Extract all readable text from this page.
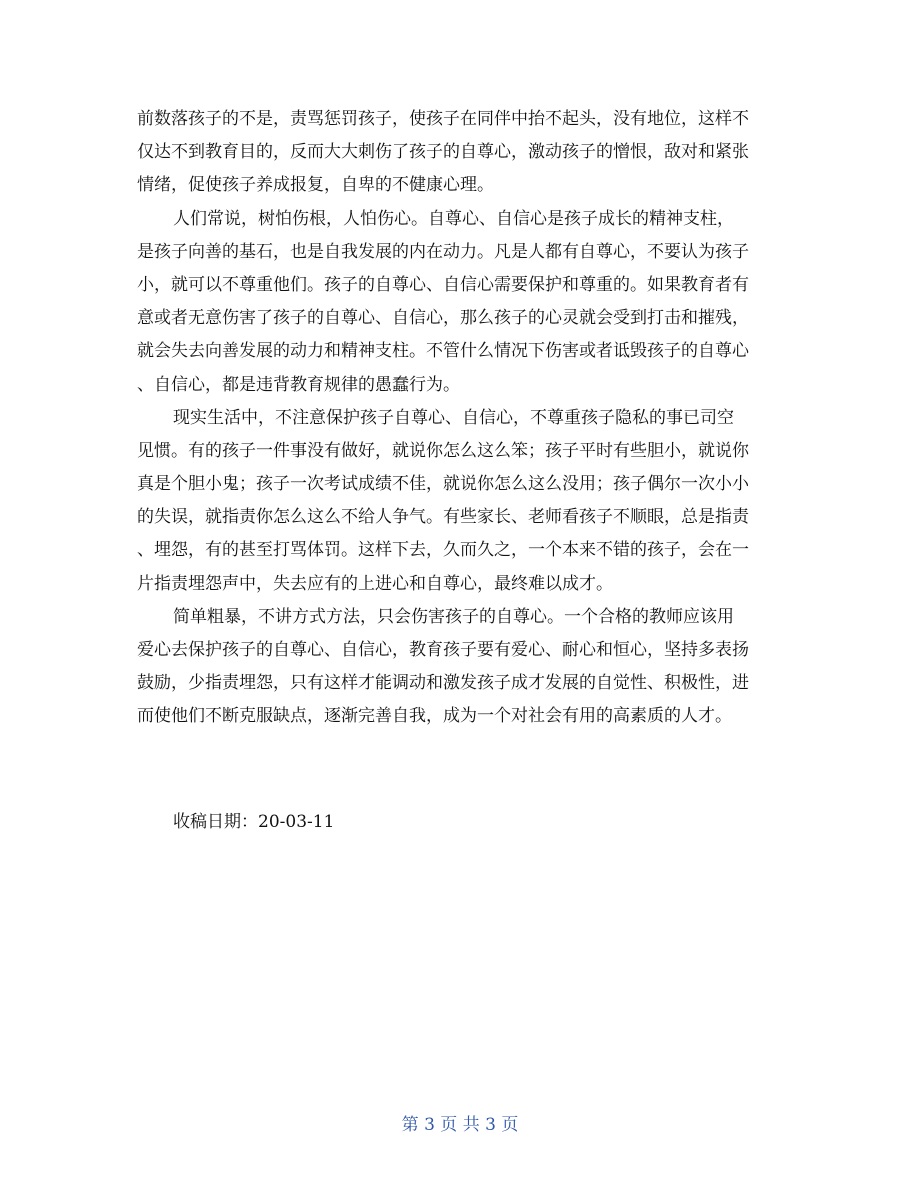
前数落孩子的不是，责骂惩罚孩子，使孩子在同伴中抬不起头，没有地位，这样不
仅达不到教育目的，反而大大刺伤了孩子的自尊心，激动孩子的憎恨，敌对和紧张
情绪，促使孩子养成报复，自卑的不健康心理。
人们常说，树怕伤根，人怕伤心。自尊心、自信心是孩子成长的精神支柱，
是孩子向善的基石，也是自我发展的内在动力。凡是人都有自尊心，不要认为孩子
小，就可以不尊重他们。孩子的自尊心、自信心需要保护和尊重的。如果教育者有
意或者无意伤害了孩子的自尊心、自信心，那么孩子的心灵就会受到打击和摧残，
就会失去向善发展的动力和精神支柱。不管什么情况下伤害或者诋毁孩子的自尊心
、自信心，都是违背教育规律的愚蠢行为。
现实生活中，不注意保护孩子自尊心、自信心，不尊重孩子隐私的事已司空
见惯。有的孩子一件事没有做好，就说你怎么这么笨；孩子平时有些胆小，就说你
真是个胆小鬼；孩子一次考试成绩不佳，就说你怎么这么没用；孩子偶尔一次小小
的失误，就指责你怎么这么不给人争气。有些家长、老师看孩子不顺眼，总是指责
、埋怨，有的甚至打骂体罚。这样下去，久而久之，一个本来不错的孩子，会在一
片指责埋怨声中，失去应有的上进心和自尊心，最终难以成才。
简单粗暴，不讲方式方法，只会伤害孩子的自尊心。一个合格的教师应该用
爱心去保护孩子的自尊心、自信心，教育孩子要有爱心、耐心和恒心，坚持多表扬
鼓励，少指责埋怨，只有这样才能调动和激发孩子成才发展的自觉性、积极性，进
而使他们不断克服缺点，逐渐完善自我，成为一个对社会有用的高素质的人才。
收稿日期：20-03-11
第 3 页 共 3 页
